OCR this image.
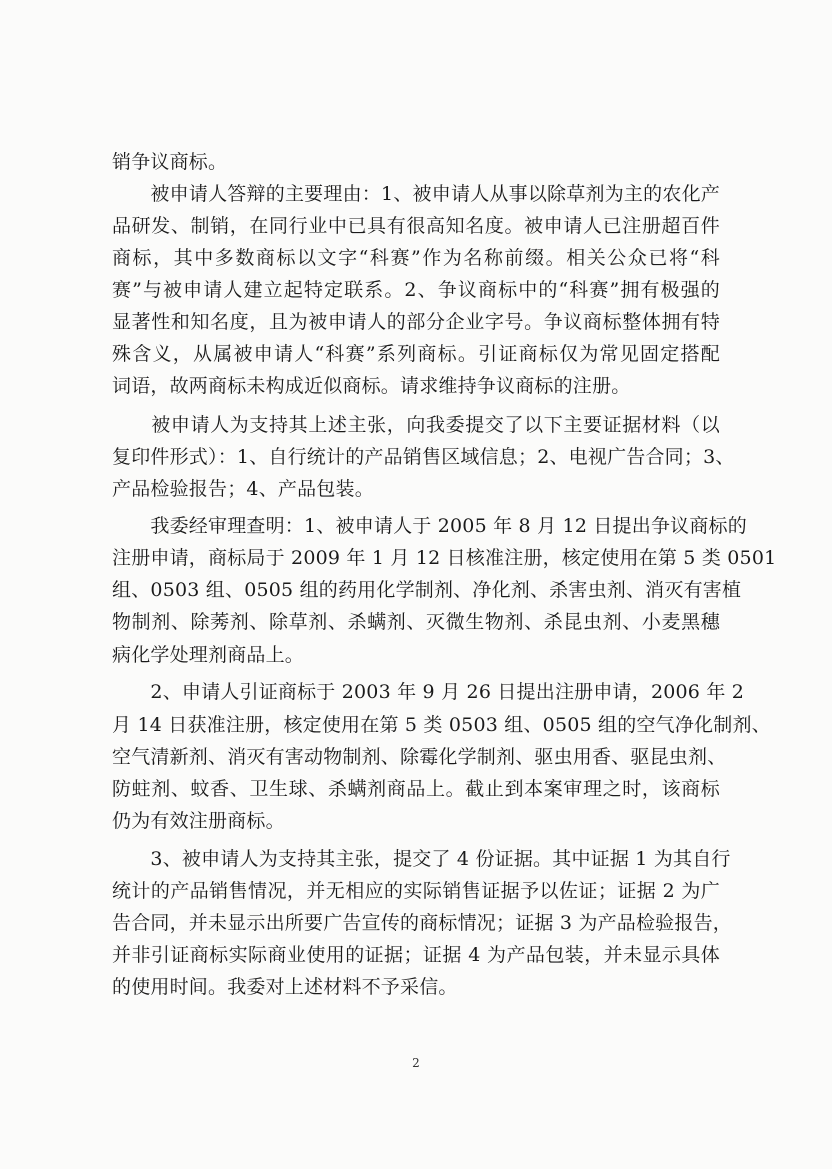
销争议商标。
　　被申请人答辩的主要理由：1、被申请人从事以除草剂为主的农化产
品研发、制销，在同行业中已具有很高知名度。被申请人已注册超百件
商标，其中多数商标以文字“科赛”作为名称前缀。相关公众已将“科
赛”与被申请人建立起特定联系。2、争议商标中的“科赛”拥有极强的
显著性和知名度，且为被申请人的部分企业字号。争议商标整体拥有特
殊含义，从属被申请人“科赛”系列商标。引证商标仅为常见固定搭配
词语，故两商标未构成近似商标。请求维持争议商标的注册。
　　被申请人为支持其上述主张，向我委提交了以下主要证据材料（以
复印件形式）：1、自行统计的产品销售区域信息；2、电视广告合同；3、
产品检验报告；4、产品包装。
　　我委经审理查明：1、被申请人于 2005 年 8 月 12 日提出争议商标的
注册申请，商标局于 2009 年 1 月 12 日核准注册，核定使用在第 5 类 0501
组、0503 组、0505 组的药用化学制剂、净化剂、杀害虫剂、消灭有害植
物制剂、除莠剂、除草剂、杀螨剂、灭微生物剂、杀昆虫剂、小麦黑穗
病化学处理剂商品上。
　　2、申请人引证商标于 2003 年 9 月 26 日提出注册申请，2006 年 2
月 14 日获准注册，核定使用在第 5 类 0503 组、0505 组的空气净化制剂、
空气清新剂、消灭有害动物制剂、除霉化学制剂、驱虫用香、驱昆虫剂、
防蛀剂、蚊香、卫生球、杀螨剂商品上。截止到本案审理之时，该商标
仍为有效注册商标。
　　3、被申请人为支持其主张，提交了 4 份证据。其中证据 1 为其自行
统计的产品销售情况，并无相应的实际销售证据予以佐证；证据 2 为广
告合同，并未显示出所要广告宣传的商标情况；证据 3 为产品检验报告，
并非引证商标实际商业使用的证据；证据 4 为产品包装，并未显示具体
的使用时间。我委对上述材料不予采信。
2
